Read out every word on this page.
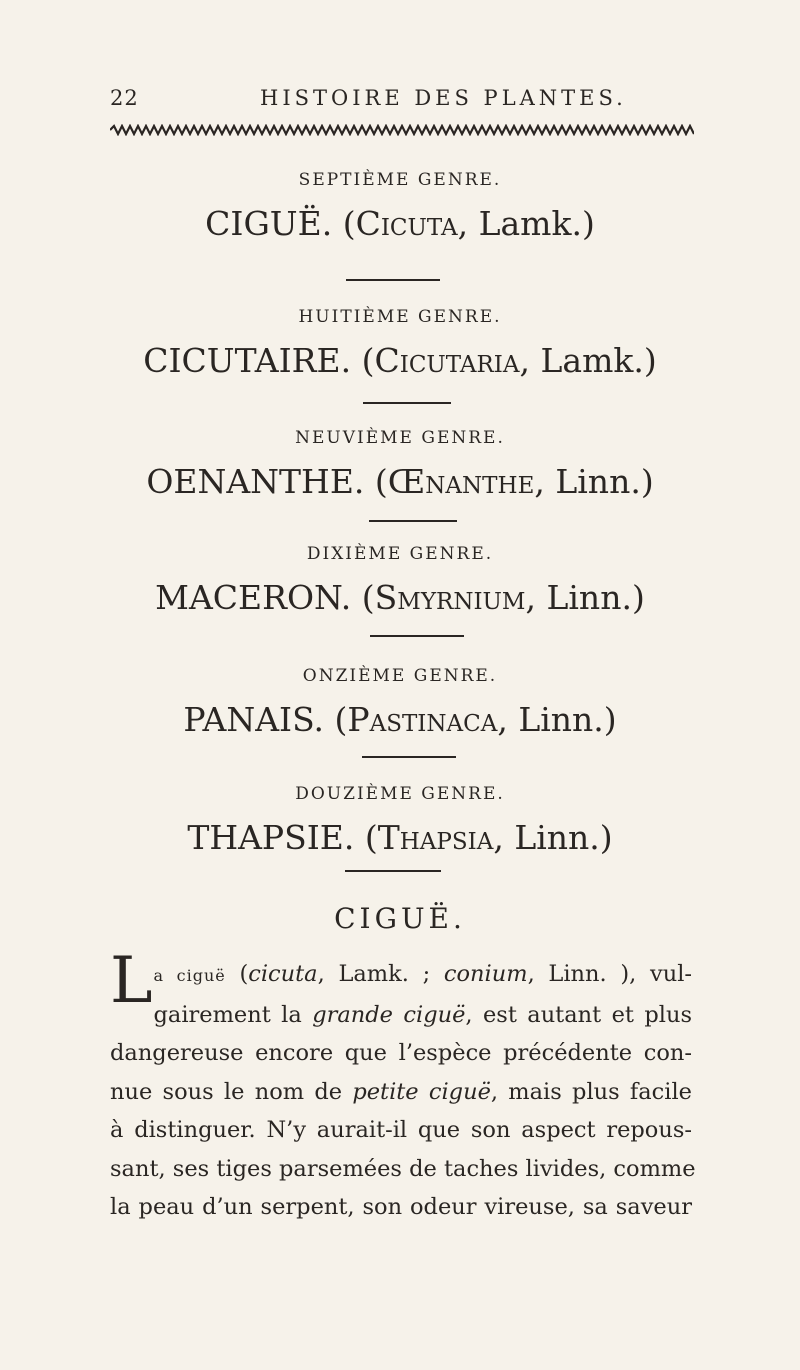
22	HISTOIRE DES PLANTES.
SEPTIÈME GENRE.
CIGUË. (Cicuta, Lamk.)
HUITIÈME GENRE.
CICUTAIRE. (Cicutaria, Lamk.)
NEUVIÈME GENRE.
OENANTHE. (Œnanthe, Linn.)
DIXIÈME GENRE.
MACERON. (Smyrnium, Linn.)
ONZIÈME GENRE.
PANAIS. (Pastinaca, Linn.)
DOUZIÈME GENRE.
THAPSIE. (Thapsia, Linn.)
CIGUË.
La ciguë (cicuta, Lamk. ; conium, Linn. ), vul-
gairement la grande ciguë, est autant et plus
dangereuse encore que l’espèce précédente con-
nue sous le nom de petite ciguë, mais plus facile
à distinguer. N’y aurait-il que son aspect repous-
sant, ses tiges parsemées de taches livides, comme
la peau d’un serpent, son odeur vireuse, sa saveur
